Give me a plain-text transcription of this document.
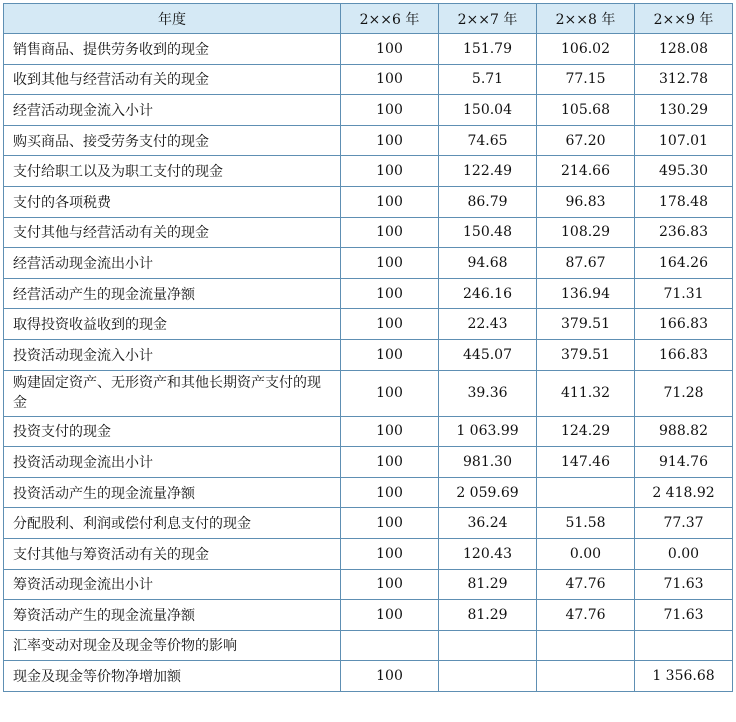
年度	2××6 年	2××7 年	2××8 年	2××9 年
销售商品、提供劳务收到的现金	100	151.79	106.02	128.08
收到其他与经营活动有关的现金	100	5.71	77.15	312.78
经营活动现金流入小计	100	150.04	105.68	130.29
购买商品、接受劳务支付的现金	100	74.65	67.20	107.01
支付给职工以及为职工支付的现金	100	122.49	214.66	495.30
支付的各项税费	100	86.79	96.83	178.48
支付其他与经营活动有关的现金	100	150.48	108.29	236.83
经营活动现金流出小计	100	94.68	87.67	164.26
经营活动产生的现金流量净额	100	246.16	136.94	71.31
取得投资收益收到的现金	100	22.43	379.51	166.83
投资活动现金流入小计	100	445.07	379.51	166.83
购建固定资产、无形资产和其他长期资产支付的现金	100	39.36	411.32	71.28
投资支付的现金	100	1 063.99	124.29	988.82
投资活动现金流出小计	100	981.30	147.46	914.76
投资活动产生的现金流量净额	100	2 059.69		2 418.92
分配股利、利润或偿付利息支付的现金	100	36.24	51.58	77.37
支付其他与筹资活动有关的现金	100	120.43	0.00	0.00
筹资活动现金流出小计	100	81.29	47.76	71.63
筹资活动产生的现金流量净额	100	81.29	47.76	71.63
汇率变动对现金及现金等价物的影响				
现金及现金等价物净增加额	100			1 356.68
